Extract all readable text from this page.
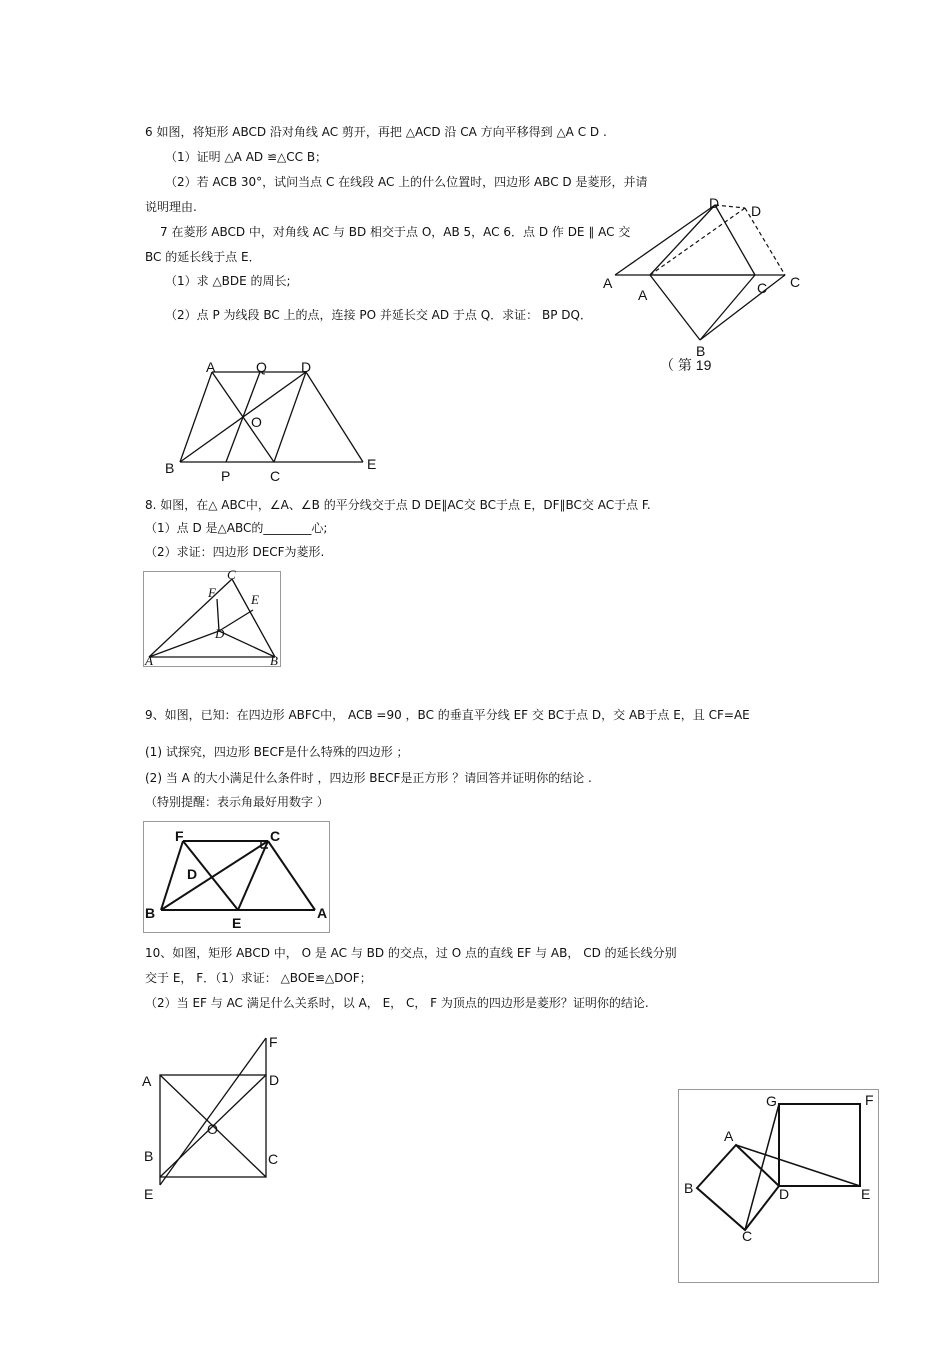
6 如图，将矩形 ABCD 沿对角线 AC 剪开，再把 △ACD 沿 CA 方向平移得到 △A C D .
（1）证明 △A AD ≌△CC B；
（2）若 ACB 30°，试问当点 C 在线段 AC 上的什么位置时，四边形 ABC D 是菱形，并请
说明理由.
7 在菱形 ABCD 中，对角线 AC 与 BD 相交于点 O，AB 5，AC 6．点 D 作 DE ∥ AC 交
BC 的延长线于点 E．
（1）求 △BDE 的周长;
（2）点 P 为线段 BC 上的点，连接 PO 并延长交 AD 于点 Q．求证： BP DQ．
D D
A
A	C C
B
（ 第 19
A	Q D
O
B	P	C
E
8. 如图，在△ ABC中，∠A、∠B 的平分线交于点 D DE∥AC交 BC于点 E，DF∥BC交 AC于点 F.
（1）点 D 是△ABC的________心;
（2）求证：四边形 DECF为菱形.
C
F	E
D
A	B
9、如图，已知：在四边形 ABFC中， ACB =90 ，BC 的垂直平分线 EF 交 BC于点 D，交 AB于点 E，且 CF=AE
(1) 试探究，四边形 BECF是什么特殊的四边形 ；
(2) 当 A 的大小满足什么条件时 ，四边形 BECF是正方形 ？请回答并证明你的结论 .
（特别提醒：表示角最好用数字 ）
F	C
D
B
E
A
10、如图，矩形 ABCD 中， O 是 AC 与 BD 的交点，过 O 点的直线 EF 与 AB， CD 的延长线分别
交于 E， F．（1）求证： △BOE≌△DOF；
（2）当 EF 与 AC 满足什么关系时，以 A， E， C， F 为顶点的四边形是菱形？证明你的结论.
F
A	D
O
B	C
E
G	F
A
B	D	E
C
